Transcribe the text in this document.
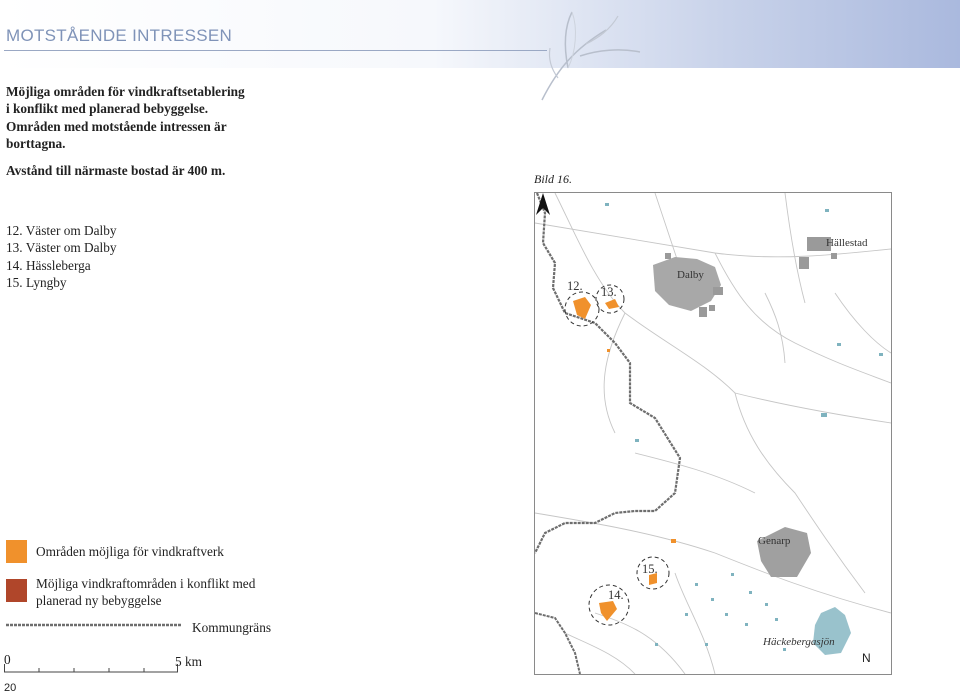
MOTSTÅENDE INTRESSEN

Möjliga områden för vindkraftsetablering

i konflikt med planerad bebyggelse.

Områden med motstående intressen är

borttagna.

Avstånd till närmaste bostad är 400 m.

Bild 16.
12. Väster om Dalby
13. Väster om Dalby
14. Hässleberga
15. Lyngby
Dalby
Hällestad
Genarp
Häckebergasjön
12. 13.
14.
15.
N
Områden möjliga för vindkraftverk
Möjliga vindkraftområden i konflikt med planerad ny bebyggelse
Kommungräns
0	5 km
20
